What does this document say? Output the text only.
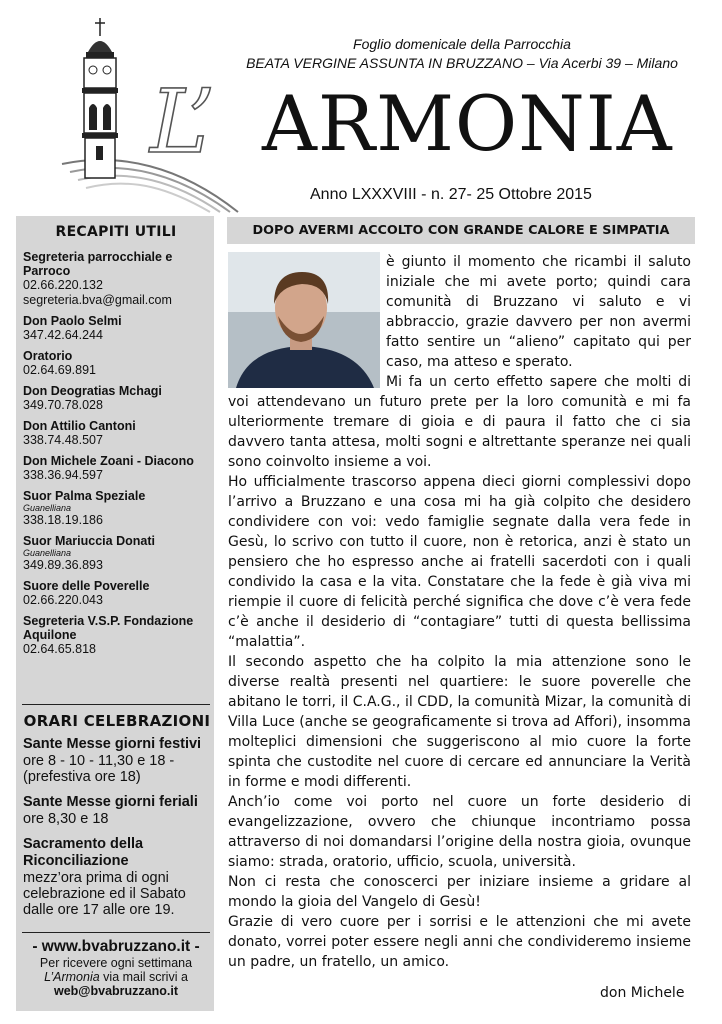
Foglio domenicale della Parrocchia
BEATA VERGINE ASSUNTA IN BRUZZANO – Via Acerbi 39 – Milano
L’ ARMONIA
Anno LXXXVIII - n. 27- 25 Ottobre 2015
RECAPITI UTILI
Segreteria parrocchiale e Parroco
02.66.220.132
segreteria.bva@gmail.com
Don Paolo Selmi
347.42.64.244
Oratorio
02.64.69.891
Don Deogratias Mchagi
349.70.78.028
Don Attilio Cantoni
338.74.48.507
Don Michele Zoani - Diacono
338.36.94.597
Suor Palma Speziale
Guanelliana
338.18.19.186
Suor Mariuccia Donati
Guanelliana
349.89.36.893
Suore delle Poverelle
02.66.220.043
Segreteria V.S.P. Fondazione Aquilone
02.64.65.818
ORARI CELEBRAZIONI
Sante Messe giorni festivi
ore 8 - 10 - 11,30 e 18 - (prefestiva ore 18)
Sante Messe giorni feriali
ore 8,30 e 18
Sacramento della Riconciliazione
mezz’ora prima di ogni celebrazione ed il Sabato dalle ore 17 alle ore 19.
- www.bvabruzzano.it -
Per ricevere ogni settimana
L’Armonia via mail scrivi a
web@bvabruzzano.it
DOPO AVERMI ACCOLTO CON GRANDE CALORE E SIMPATIA

è giunto il momento che ricambi il saluto iniziale che mi avete porto; quindi cara comunità di Bruzzano vi saluto e vi abbraccio, grazie davvero per non avermi fatto sentire un “alieno” capitato qui per caso, ma atteso e sperato.

Mi fa un certo effetto sapere che molti di voi attendevano un futuro prete per la loro comunità e mi fa ulteriormente tremare di gioia e di paura il fatto che ci sia davvero tanta attesa, molti sogni e altrettante speranze nei quali sono coinvolto insieme a voi.

Ho ufficialmente trascorso appena dieci giorni complessivi dopo l’arrivo a Bruzzano e una cosa mi ha già colpito che desidero condividere con voi: vedo famiglie segnate dalla vera fede in Gesù, lo scrivo con tutto il cuore, non è retorica, anzi è stato un pensiero che ho espresso anche ai fratelli sacerdoti con i quali condivido la casa e la vita. Constatare che la fede è già viva mi riempie il cuore di felicità perché significa che dove c’è vera fede c’è anche il desiderio di “contagiare” tutti di questa bellissima “malattia”.

Il secondo aspetto che ha colpito la mia attenzione sono le diverse realtà presenti nel quartiere: le suore poverelle che abitano le torri, il C.A.G., il CDD, la comunità Mizar, la comunità di Villa Luce (anche se geograficamente si trova ad Affori), insomma molteplici dimensioni che suggeriscono al mio cuore la forte spinta che custodite nel cuore di cercare ed annunciare la Verità in forme e modi differenti.

Anch’io come voi porto nel cuore un forte desiderio di evangelizzazione, ovvero che chiunque incontriamo possa attraverso di noi domandarsi l’origine della nostra gioia, ovunque siamo: strada, oratorio, ufficio, scuola, università.

Non ci resta che conoscerci per iniziare insieme a gridare al mondo la gioia del Vangelo di Gesù!

Grazie di vero cuore per i sorrisi e le attenzioni che mi avete donato, vorrei poter essere negli anni che condivideremo insieme un padre, un fratello, un amico.

don Michele
